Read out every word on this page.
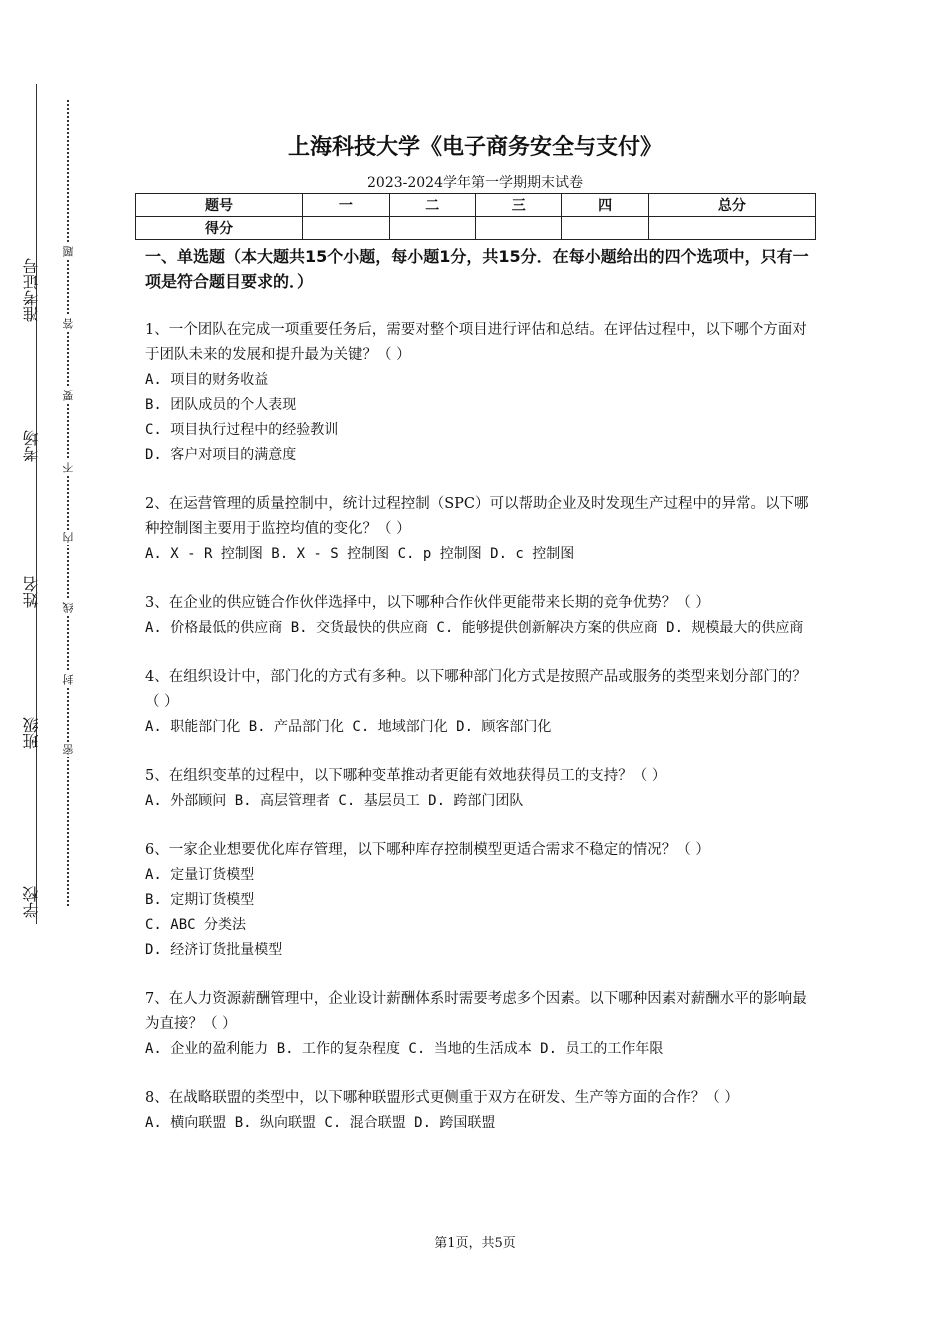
准考证号
考场
姓名
班级
学校
题
答
要
不
内
线
封
密
上海科技大学《电子商务安全与支付》
2023-2024学年第一学期期末试卷
题号	一	二	三	四	总分
得分					
一、单选题（本大题共15个小题，每小题1分，共15分．在每小题给出的四个选项中，只有一项是符合题目要求的．）
1、一个团队在完成一项重要任务后，需要对整个项目进行评估和总结。在评估过程中，以下哪个方面对于团队未来的发展和提升最为关键？（ ）
A. 项目的财务收益
B. 团队成员的个人表现
C. 项目执行过程中的经验教训
D. 客户对项目的满意度
2、在运营管理的质量控制中，统计过程控制（SPC）可以帮助企业及时发现生产过程中的异常。以下哪种控制图主要用于监控均值的变化？（ ）
A. X - R 控制图 B. X - S 控制图 C. p 控制图 D. c 控制图
3、在企业的供应链合作伙伴选择中，以下哪种合作伙伴更能带来长期的竞争优势？（ ）
A. 价格最低的供应商 B. 交货最快的供应商 C. 能够提供创新解决方案的供应商 D. 规模最大的供应商
4、在组织设计中，部门化的方式有多种。以下哪种部门化方式是按照产品或服务的类型来划分部门的？（ ）
A. 职能部门化 B. 产品部门化 C. 地域部门化 D. 顾客部门化
5、在组织变革的过程中，以下哪种变革推动者更能有效地获得员工的支持？（ ）
A. 外部顾问 B. 高层管理者 C. 基层员工 D. 跨部门团队
6、一家企业想要优化库存管理，以下哪种库存控制模型更适合需求不稳定的情况？（ ）
A. 定量订货模型
B. 定期订货模型
C. ABC 分类法
D. 经济订货批量模型
7、在人力资源薪酬管理中，企业设计薪酬体系时需要考虑多个因素。以下哪种因素对薪酬水平的影响最为直接？（ ）
A. 企业的盈利能力 B. 工作的复杂程度 C. 当地的生活成本 D. 员工的工作年限
8、在战略联盟的类型中，以下哪种联盟形式更侧重于双方在研发、生产等方面的合作？（ ）
A. 横向联盟 B. 纵向联盟 C. 混合联盟 D. 跨国联盟
第1页，共5页
